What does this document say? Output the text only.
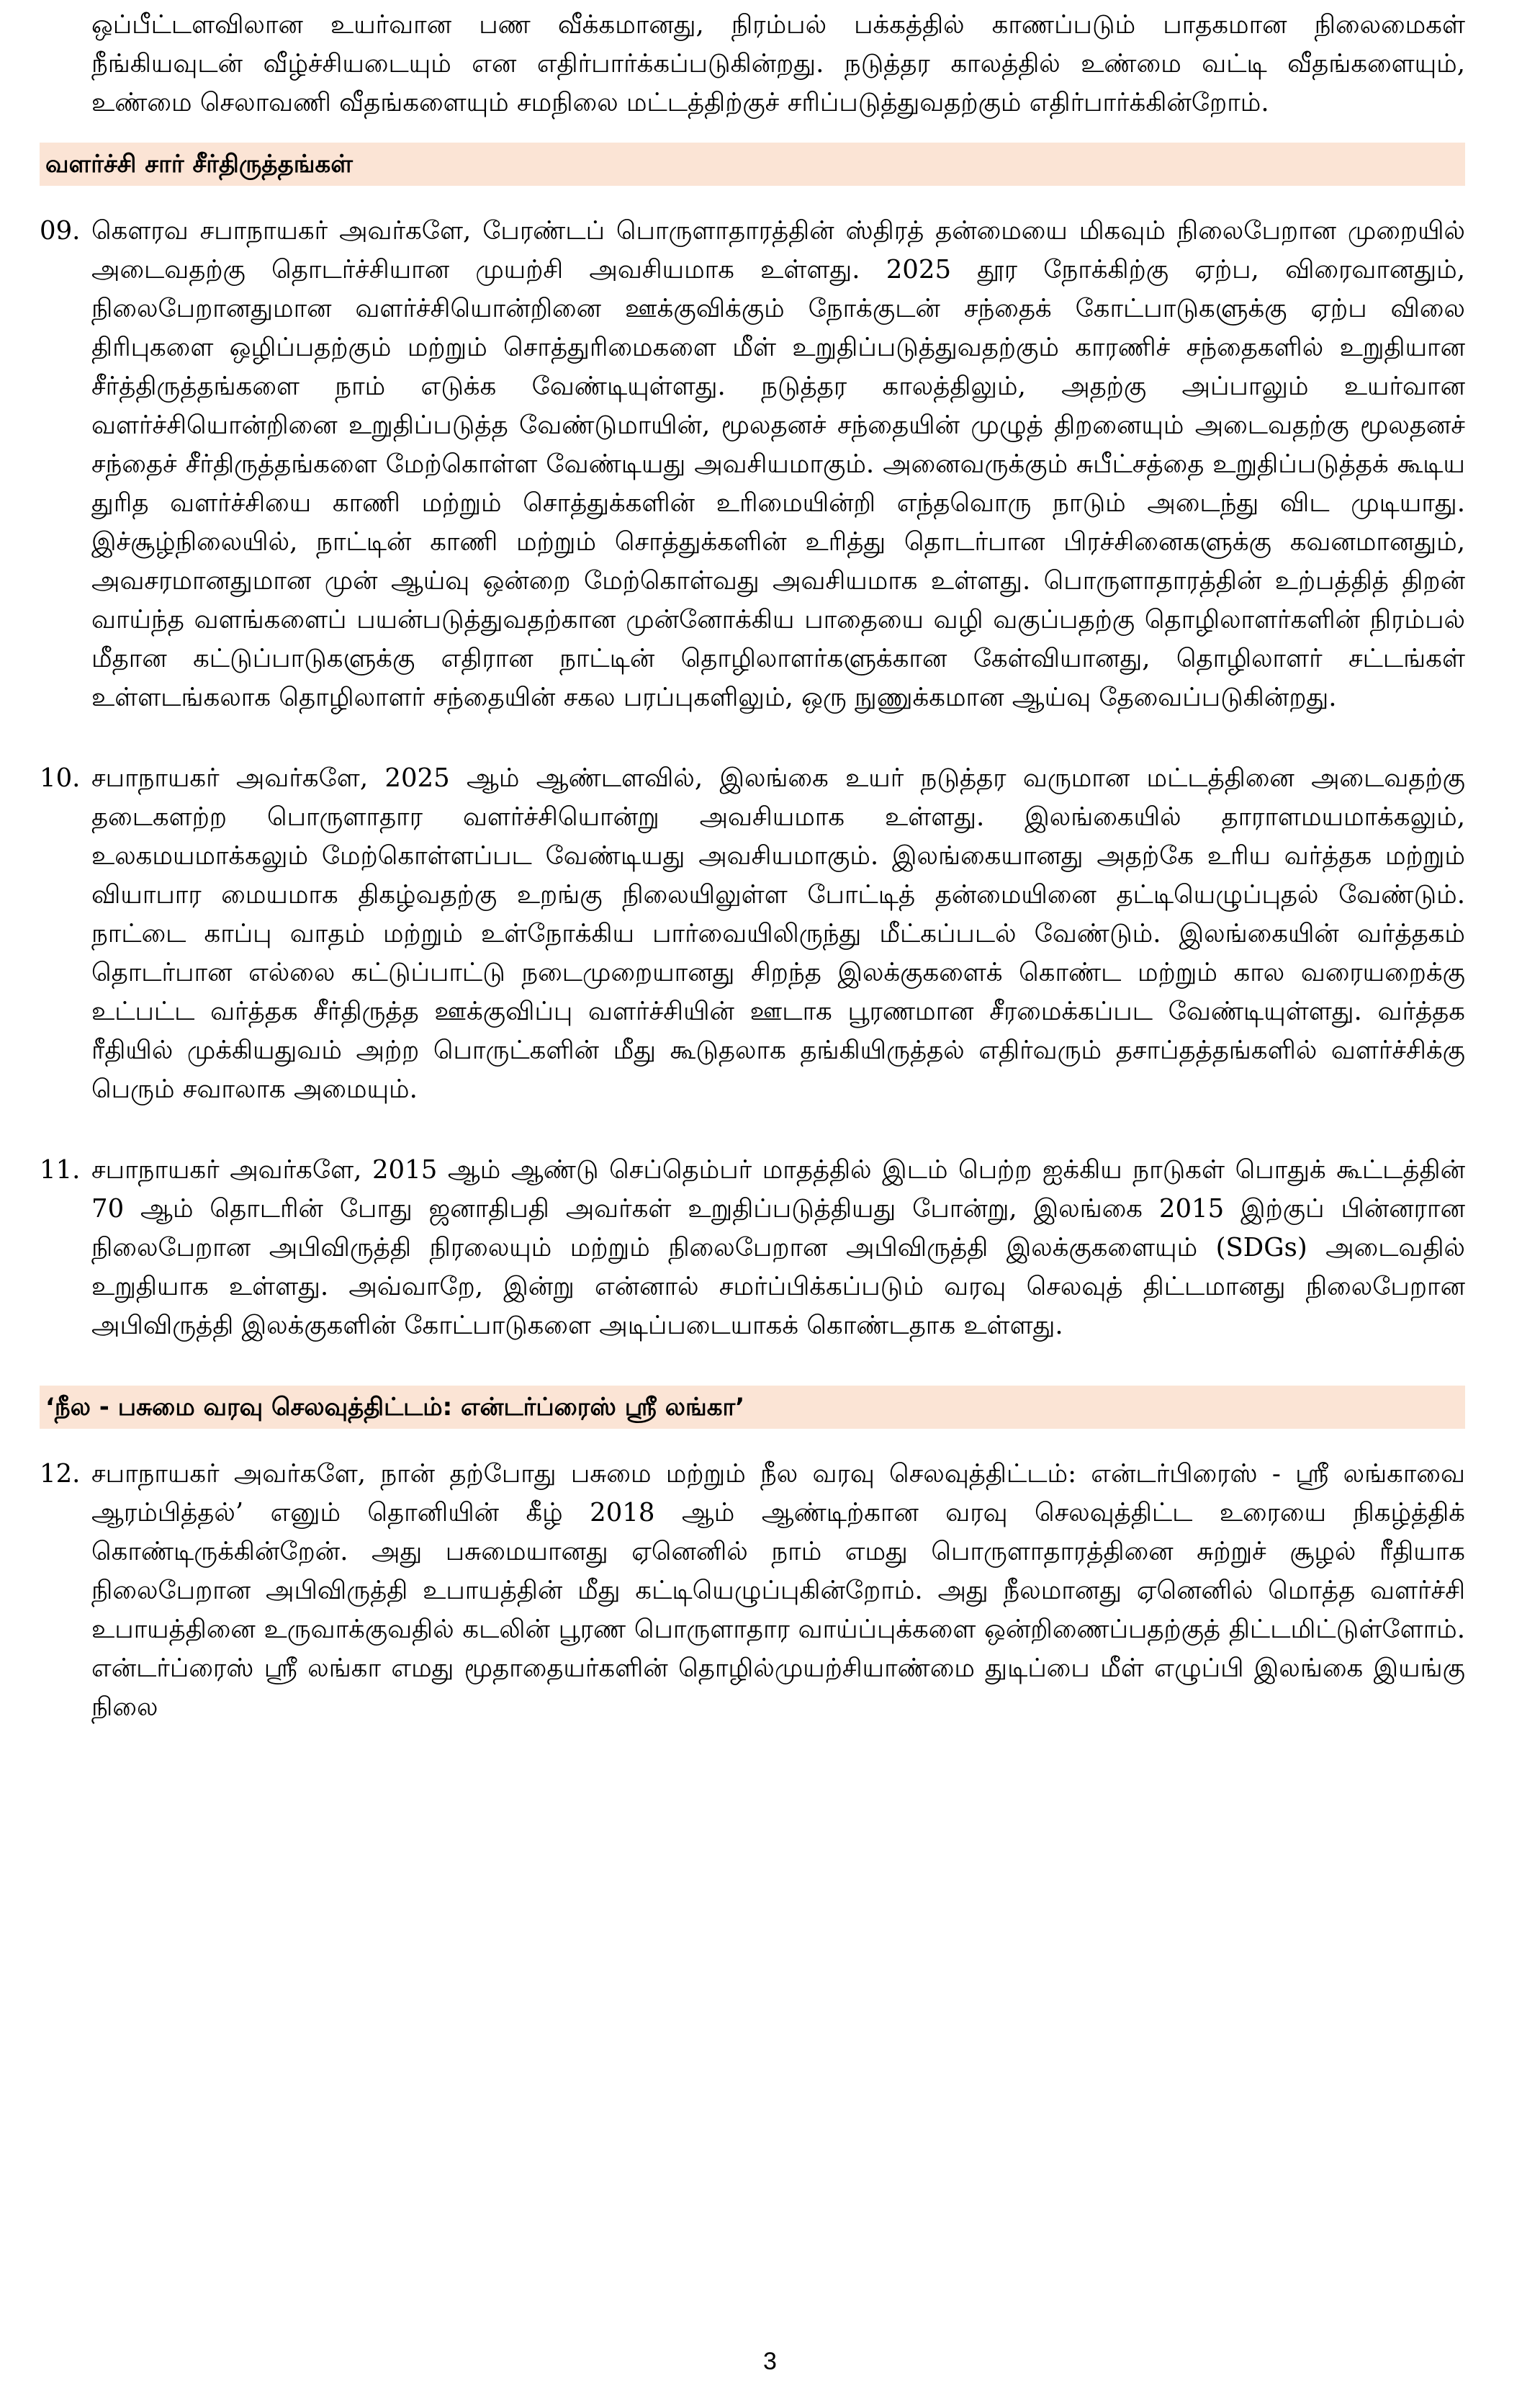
ஒப்பீட்டளவிலான உயர்வான பண வீக்கமானது, நிரம்பல் பக்கத்தில் காணப்படும் பாதகமான நிலைமைகள் நீங்கியவுடன் வீழ்ச்சியடையும் என எதிர்பார்க்கப்படுகின்றது. நடுத்தர காலத்தில் உண்மை வட்டி வீதங்களையும், உண்மை செலாவணி வீதங்களையும் சமநிலை மட்டத்திற்குச் சரிப்படுத்துவதற்கும் எதிர்பார்க்கின்றோம்.

வளர்ச்சி சார் சீர்திருத்தங்கள்
09. கௌரவ சபாநாயகர் அவர்களே, பேரண்டப் பொருளாதாரத்தின் ஸ்திரத் தன்மையை மிகவும் நிலைபேறான முறையில் அடைவதற்கு தொடர்ச்சியான முயற்சி அவசியமாக உள்ளது. 2025 தூர நோக்கிற்கு ஏற்ப, விரைவானதும், நிலைபேறானதுமான வளர்ச்சியொன்றினை ஊக்குவிக்கும் நோக்குடன் சந்தைக் கோட்பாடுகளுக்கு ஏற்ப விலை திரிபுகளை ஒழிப்பதற்கும் மற்றும் சொத்துரிமைகளை மீள் உறுதிப்படுத்துவதற்கும் காரணிச் சந்தைகளில் உறுதியான சீர்த்திருத்தங்களை நாம் எடுக்க வேண்டியுள்ளது. நடுத்தர காலத்திலும், அதற்கு அப்பாலும் உயர்வான வளர்ச்சியொன்றினை உறுதிப்படுத்த வேண்டுமாயின், மூலதனச் சந்தையின் முழுத் திறனையும் அடைவதற்கு மூலதனச் சந்தைச் சீர்திருத்தங்களை மேற்கொள்ள வேண்டியது அவசியமாகும். அனைவருக்கும் சுபீட்சத்தை உறுதிப்படுத்தக் கூடிய துரித வளர்ச்சியை காணி மற்றும் சொத்துக்களின் உரிமையின்றி எந்தவொரு நாடும் அடைந்து விட முடியாது. இச்சூழ்நிலையில், நாட்டின் காணி மற்றும் சொத்துக்களின் உரித்து தொடர்பான பிரச்சினைகளுக்கு கவனமானதும், அவசரமானதுமான முன் ஆய்வு ஒன்றை மேற்கொள்வது அவசியமாக உள்ளது. பொருளாதாரத்தின் உற்பத்தித் திறன் வாய்ந்த வளங்களைப் பயன்படுத்துவதற்கான முன்னோக்கிய பாதையை வழி வகுப்பதற்கு தொழிலாளர்களின் நிரம்பல் மீதான கட்டுப்பாடுகளுக்கு எதிரான நாட்டின் தொழிலாளர்களுக்கான கேள்வியானது, தொழிலாளர் சட்டங்கள் உள்ளடங்கலாக தொழிலாளர் சந்தையின் சகல பரப்புகளிலும், ஒரு நுணுக்கமான ஆய்வு தேவைப்படுகின்றது.

10. சபாநாயகர் அவர்களே, 2025 ஆம் ஆண்டளவில், இலங்கை உயர் நடுத்தர வருமான மட்டத்தினை அடைவதற்கு தடைகளற்ற பொருளாதார வளர்ச்சியொன்று அவசியமாக உள்ளது. இலங்கையில் தாராளமயமாக்கலும், உலகமயமாக்கலும் மேற்கொள்ளப்பட வேண்டியது அவசியமாகும். இலங்கையானது அதற்கே உரிய வர்த்தக மற்றும் வியாபார மையமாக திகழ்வதற்கு உறங்கு நிலையிலுள்ள போட்டித் தன்மையினை தட்டியெழுப்புதல் வேண்டும். நாட்டை காப்பு வாதம் மற்றும் உள்நோக்கிய பார்வையிலிருந்து மீட்கப்படல் வேண்டும். இலங்கையின் வர்த்தகம் தொடர்பான எல்லை கட்டுப்பாட்டு நடைமுறையானது சிறந்த இலக்குகளைக் கொண்ட மற்றும் கால வரையறைக்கு உட்பட்ட வர்த்தக சீர்திருத்த ஊக்குவிப்பு வளர்ச்சியின் ஊடாக பூரணமான சீரமைக்கப்பட வேண்டியுள்ளது. வர்த்தக ரீதியில் முக்கியதுவம் அற்ற பொருட்களின் மீது கூடுதலாக தங்கியிருத்தல் எதிர்வரும் தசாப்தத்தங்களில் வளர்ச்சிக்கு பெரும் சவாலாக அமையும்.

11. சபாநாயகர் அவர்களே, 2015 ஆம் ஆண்டு செப்தெம்பர் மாதத்தில் இடம் பெற்ற ஐக்கிய நாடுகள் பொதுக் கூட்டத்தின் 70 ஆம் தொடரின் போது ஜனாதிபதி அவர்கள் உறுதிப்படுத்தியது போன்று, இலங்கை 2015 இற்குப் பின்னரான நிலைபேறான அபிவிருத்தி நிரலையும் மற்றும் நிலைபேறான அபிவிருத்தி இலக்குகளையும் (SDGs) அடைவதில் உறுதியாக உள்ளது. அவ்வாறே, இன்று என்னால் சமர்ப்பிக்கப்படும் வரவு செலவுத் திட்டமானது நிலைபேறான அபிவிருத்தி இலக்குகளின் கோட்பாடுகளை அடிப்படையாகக் கொண்டதாக உள்ளது.

‘நீல - பசுமை வரவு செலவுத்திட்டம்: என்டர்ப்ரைஸ் ஸ்ரீ லங்கா’
12. சபாநாயகர் அவர்களே, நான் தற்போது பசுமை மற்றும் நீல வரவு செலவுத்திட்டம்: என்டர்பிரைஸ் - ஸ்ரீ லங்காவை ஆரம்பித்தல்’ எனும் தொனியின் கீழ் 2018 ஆம் ஆண்டிற்கான வரவு செலவுத்திட்ட உரையை நிகழ்த்திக் கொண்டிருக்கின்றேன். அது பசுமையானது ஏனெனில் நாம் எமது பொருளாதாரத்தினை சுற்றுச் சூழல் ரீதியாக நிலைபேறான அபிவிருத்தி உபாயத்தின் மீது கட்டியெழுப்புகின்றோம். அது நீலமானது ஏனெனில் மொத்த வளர்ச்சி உபாயத்தினை உருவாக்குவதில் கடலின் பூரண பொருளாதார வாய்ப்புக்களை ஒன்றிணைப்பதற்குத் திட்டமிட்டுள்ளோம். என்டர்ப்ரைஸ் ஸ்ரீ லங்கா எமது மூதாதையர்களின் தொழில்முயற்சியாண்மை துடிப்பை மீள் எழுப்பி இலங்கை இயங்கு நிலை

3
